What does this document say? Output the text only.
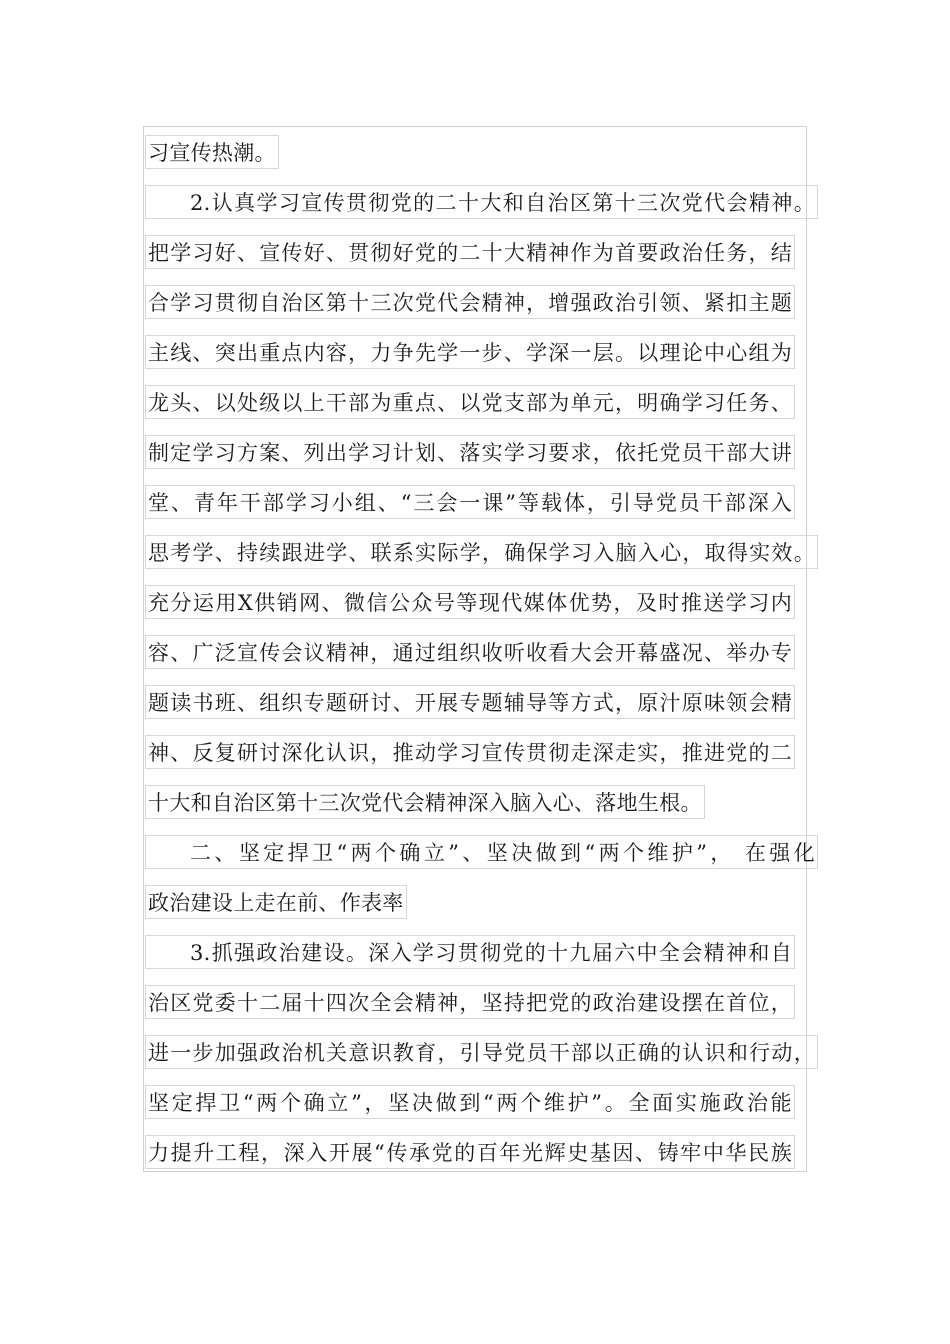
习宣传热潮。
2.认真学习宣传贯彻党的二十大和自治区第十三次党代会精神。
把学习好、宣传好、贯彻好党的二十大精神作为首要政治任务，结
合学习贯彻自治区第十三次党代会精神，增强政治引领、紧扣主题
主线、突出重点内容，力争先学一步、学深一层。以理论中心组为
龙头、以处级以上干部为重点、以党支部为单元，明确学习任务、
制定学习方案、列出学习计划、落实学习要求，依托党员干部大讲
堂、青年干部学习小组、“三会一课”等载体，引导党员干部深入
思考学、持续跟进学、联系实际学，确保学习入脑入心，取得实效。
充分运用X供销网、微信公众号等现代媒体优势，及时推送学习内
容、广泛宣传会议精神，通过组织收听收看大会开幕盛况、举办专
题读书班、组织专题研讨、开展专题辅导等方式，原汁原味领会精
神、反复研讨深化认识，推动学习宣传贯彻走深走实，推进党的二
十大和自治区第十三次党代会精神深入脑入心、落地生根。
二、坚定捍卫“两个确立”、坚决做到“两个维护”， 在强化
政治建设上走在前、作表率
3.抓强政治建设。深入学习贯彻党的十九届六中全会精神和自
治区党委十二届十四次全会精神，坚持把党的政治建设摆在首位，
进一步加强政治机关意识教育，引导党员干部以正确的认识和行动，
坚定捍卫“两个确立”，坚决做到“两个维护”。全面实施政治能
力提升工程，深入开展“传承党的百年光辉史基因、铸牢中华民族
